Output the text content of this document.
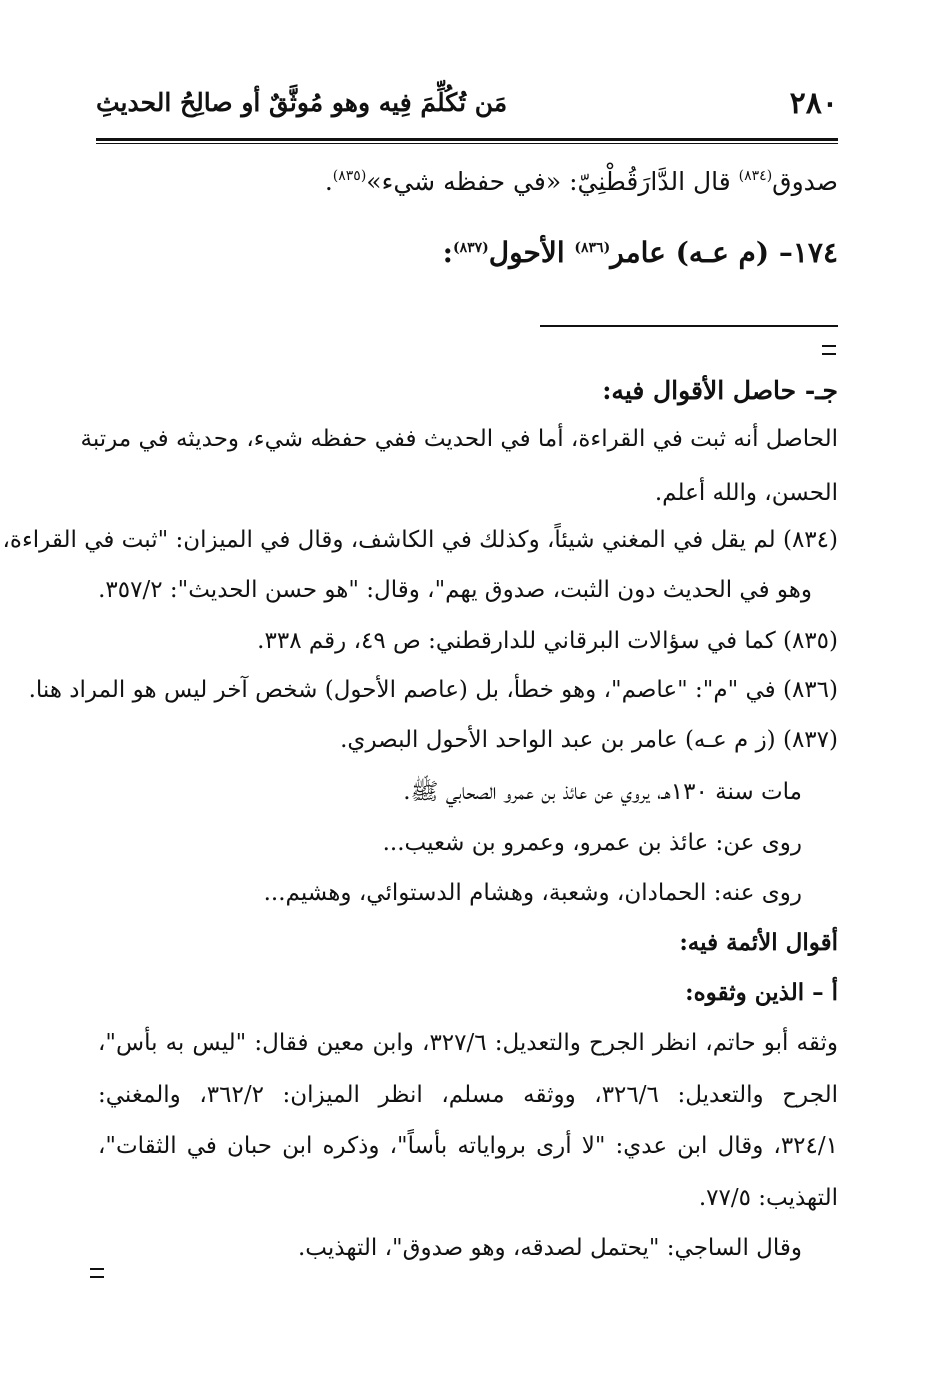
٢٨٠
مَن تُكُلِّمَ فِيه وهو مُوثَّقٌ أو صالِحُ الحديثِ
صدوق$^{(٨٣٤)}$ قال الدَّارَقُطْنِيّ: «في حفظه شيء»$^{(٨٣٥)}$.
١٧٤– (م عـه) عامر$^{(٨٣٦)}$ الأحول$^{(٨٣٧)}$:
جـ- حاصل الأقوال فيه:
الحاصل أنه ثبت في القراءة، أما في الحديث ففي حفظه شيء، وحديثه في مرتبة
الحسن، والله أعلم.
(٨٣٤) لم يقل في المغني شيئاً، وكذلك في الكاشف، وقال في الميزان: "ثبت في القراءة،
وهو في الحديث دون الثبت، صدوق يهم"، وقال: "هو حسن الحديث": ٣٥٧/٢.
(٨٣٥) كما في سؤالات البرقاني للدارقطني: ص ٤٩، رقم ٣٣٨.
(٨٣٦) في "م": "عاصم"، وهو خطأ، بل (عاصم الأحول) شخص آخر ليس هو المراد هنا.
(٨٣٧) (ز م عـه) عامر بن عبد الواحد الأحول البصري.
مات سنة ١٣٠هـ، يروي عن عائذ بن عمرو الصحابي ﷺ.
روى عن: عائذ بن عمرو، وعمرو بن شعيب...
روى عنه: الحمادان، وشعبة، وهشام الدستوائي، وهشيم...
أقوال الأئمة فيه:
أ – الذين وثقوه:
وثقه أبو حاتم، انظر الجرح والتعديل: ٣٢٧/٦، وابن معين فقال: "ليس به بأس"،
الجرح والتعديل: ٣٢٦/٦، ووثقه مسلم، انظر الميزان: ٣٦٢/٢، والمغني:
٣٢٤/١، وقال ابن عدي: "لا أرى برواياته بأساً"، وذكره ابن حبان في الثقات"،
التهذيب: ٧٧/٥.
وقال الساجي: "يحتمل لصدقه، وهو صدوق"، التهذيب.
